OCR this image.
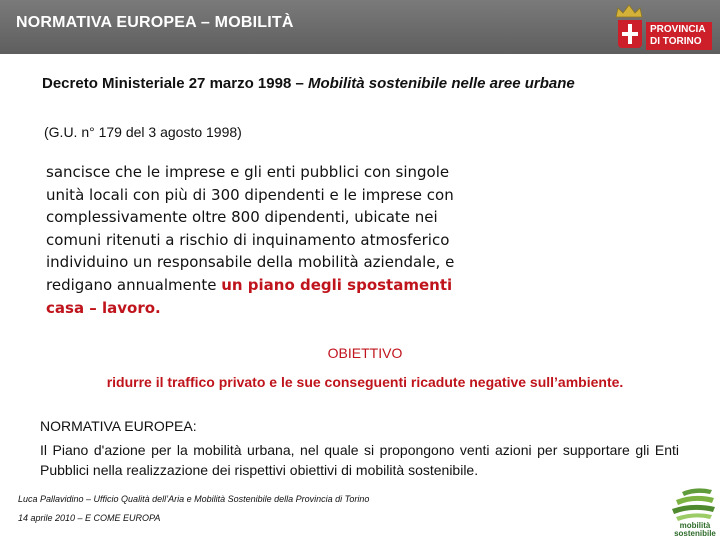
NORMATIVA EUROPEA – MOBILITÀ	PROVINCIA
DI TORINO
Decreto Ministeriale 27 marzo 1998 – Mobilità sostenibile nelle aree urbane
(G.U. n° 179 del 3 agosto 1998)
sancisce che le imprese e gli enti pubblici con singole unità locali con più di 300 dipendenti e le imprese con complessivamente oltre 800 dipendenti, ubicate nei comuni ritenuti a rischio di inquinamento atmosferico individuino un responsabile della mobilità aziendale, e redigano annualmente un piano degli spostamenti casa – lavoro.
OBIETTIVO
ridurre il traffico privato e le sue conseguenti ricadute negative sull’ambiente.
NORMATIVA EUROPEA:
Il Piano d'azione per la mobilità urbana, nel quale si propongono venti azioni per supportare gli Enti Pubblici nella realizzazione dei rispettivi obiettivi di mobilità sostenibile.
Luca Pallavidino – Ufficio Qualità dell’Aria e Mobilità Sostenibile della Provincia di Torino
14 aprile 2010 – E COME EUROPA
mobilità
sostenibile
